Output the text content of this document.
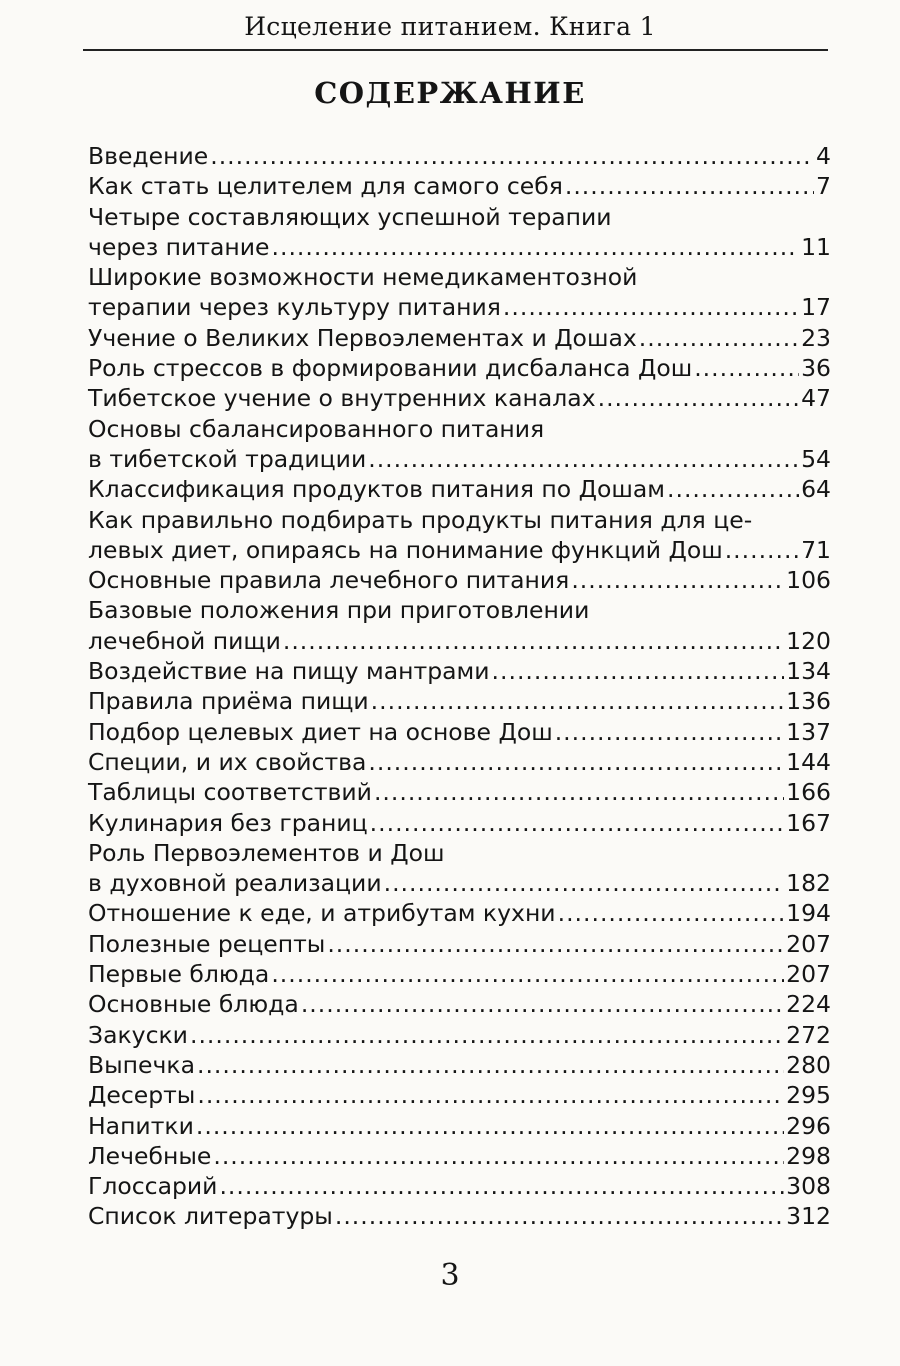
Исцеление питанием. Книга 1
СОДЕРЖАНИЕ
Введение .....	4
Как стать целителем для самого себя .....	7
Четыре составляющих успешной терапии
через питание .....	11
Широкие возможности немедикаментозной
терапии через культуру питания .....	17
Учение о Великих Первоэлементах и Дошах .....	23
Роль стрессов в формировании дисбаланса Дош .....	36
Тибетское учение о внутренних каналах .....	47
Основы сбалансированного питания
в тибетской традиции .....	54
Классификация продуктов питания по Дошам .....	64
Как правильно подбирать продукты питания для це-
левых диет, опираясь на понимание функций Дош .....	71
Основные правила лечебного питания .....	106
Базовые положения при приготовлении
лечебной пищи .....	120
Воздействие на пищу мантрами .....	134
Правила приёма пищи .....	136
Подбор целевых диет на основе Дош .....	137
Специи, и их свойства .....	144
Таблицы соответствий .....	166
Кулинария без границ .....	167
Роль Первоэлементов и Дош
в духовной реализации .....	182
Отношение к еде, и атрибутам кухни .....	194
Полезные рецепты .....	207
Первые блюда .....	207
Основные блюда .....	224
Закуски .....	272
Выпечка .....	280
Десерты .....	295
Напитки .....	296
Лечебные .....	298
Глоссарий .....	308
Список литературы .....	312
3
